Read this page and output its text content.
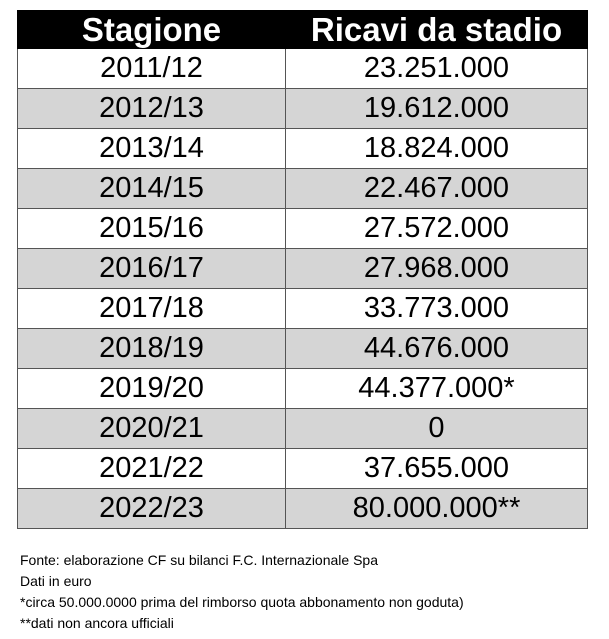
Stagione	Ricavi da stadio
2011/12	23.251.000
2012/13	19.612.000
2013/14	18.824.000
2014/15	22.467.000
2015/16	27.572.000
2016/17	27.968.000
2017/18	33.773.000
2018/19	44.676.000
2019/20	44.377.000*
2020/21	0
2021/22	37.655.000
2022/23	80.000.000**
Fonte: elaborazione CF su bilanci F.C. Internazionale Spa
Dati in euro
*circa 50.000.0000 prima del rimborso quota abbonamento non goduta)
**dati non ancora ufficiali
